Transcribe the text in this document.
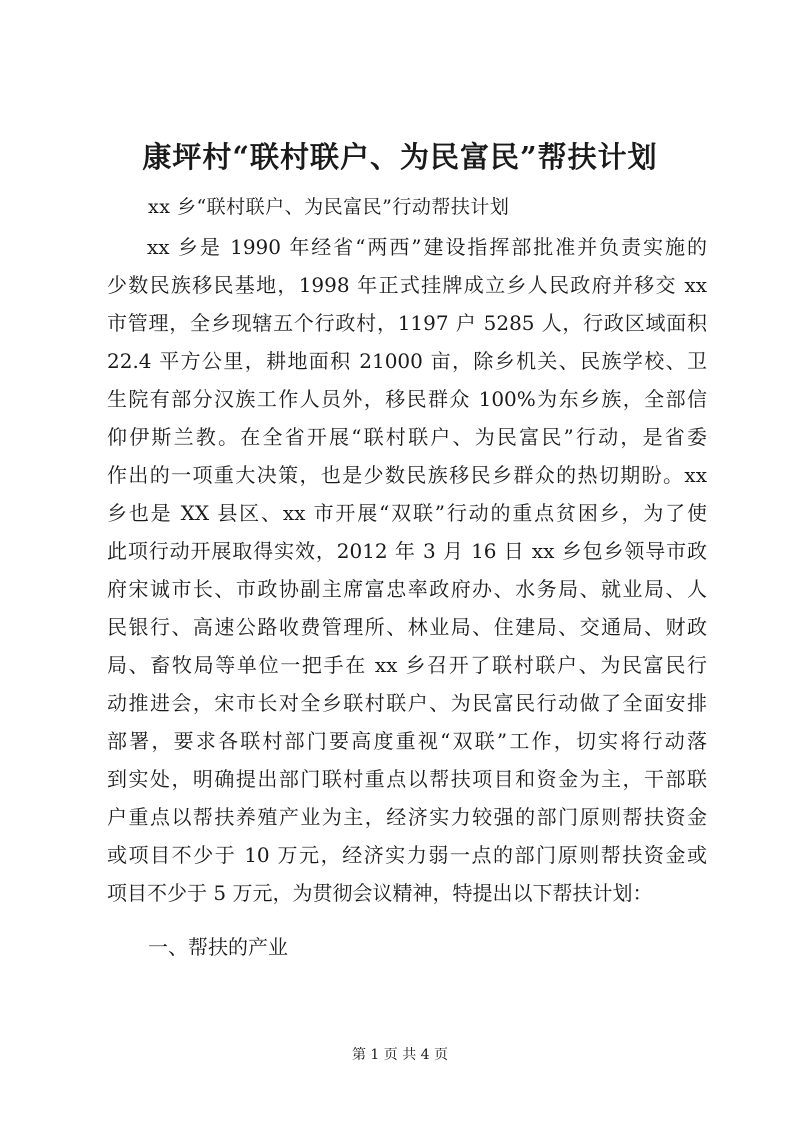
康坪村“联村联户、为民富民”帮扶计划
xx 乡“联村联户、为民富民”行动帮扶计划
xx 乡是 1990 年经省“两西”建设指挥部批准并负责实施的
少数民族移民基地，1998 年正式挂牌成立乡人民政府并移交 xx
市管理，全乡现辖五个行政村，1197 户 5285 人，行政区域面积
22.4 平方公里，耕地面积 21000 亩，除乡机关、民族学校、卫
生院有部分汉族工作人员外，移民群众 100%为东乡族，全部信
仰伊斯兰教。在全省开展“联村联户、为民富民”行动，是省委
作出的一项重大决策，也是少数民族移民乡群众的热切期盼。xx
乡也是 XX 县区、xx 市开展“双联”行动的重点贫困乡，为了使
此项行动开展取得实效，2012 年 3 月 16 日 xx 乡包乡领导市政
府宋诚市长、市政协副主席富忠率政府办、水务局、就业局、人
民银行、高速公路收费管理所、林业局、住建局、交通局、财政
局、畜牧局等单位一把手在 xx 乡召开了联村联户、为民富民行
动推进会，宋市长对全乡联村联户、为民富民行动做了全面安排
部署，要求各联村部门要高度重视“双联”工作，切实将行动落
到实处，明确提出部门联村重点以帮扶项目和资金为主，干部联
户重点以帮扶养殖产业为主，经济实力较强的部门原则帮扶资金
或项目不少于 10 万元，经济实力弱一点的部门原则帮扶资金或
项目不少于 5 万元，为贯彻会议精神，特提出以下帮扶计划：
一、帮扶的产业
第 1 页 共 4 页
